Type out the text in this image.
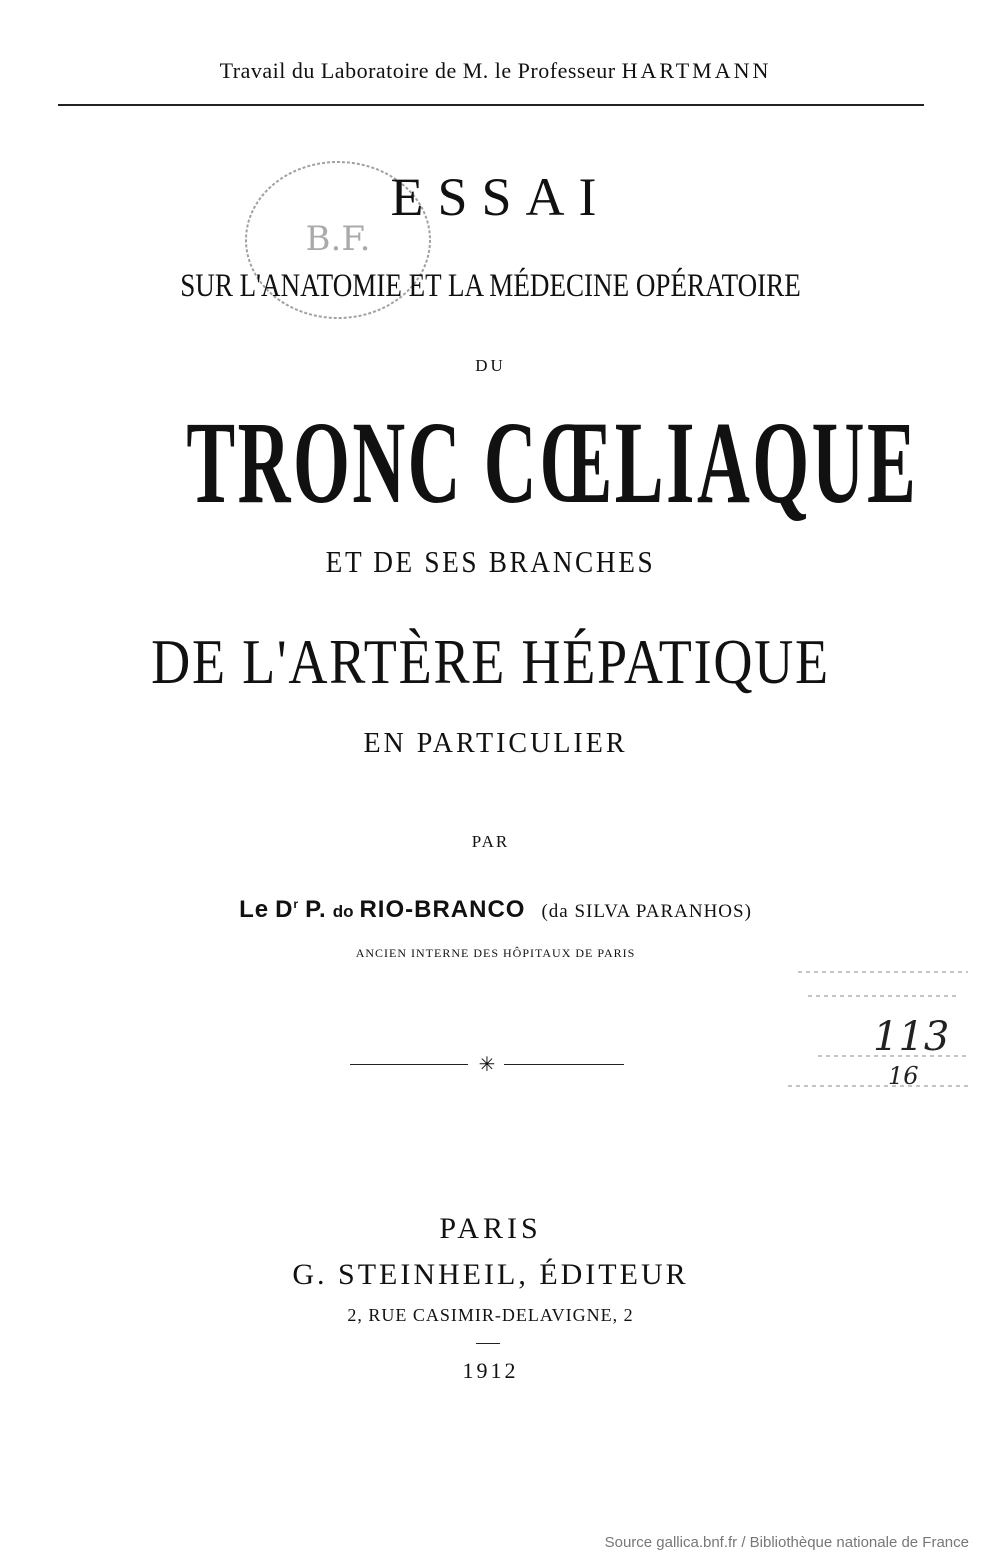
Travail du Laboratoire de M. le Professeur HARTMANN
B.F.
ESSAI
SUR L'ANATOMIE ET LA MÉDECINE OPÉRATOIRE
DU
TRONC CŒLIAQUE
ET DE SES BRANCHES
DE L'ARTÈRE HÉPATIQUE
EN PARTICULIER
PAR
Le $D^r$ P. do RIO-BRANCO (da SILVA PARANHOS)
ANCIEN INTERNE DES HÔPITAUX DE PARIS
113
16
✳
PARIS
G. STEINHEIL, ÉDITEUR
2, RUE CASIMIR-DELAVIGNE, 2
1912
Source gallica.bnf.fr / Bibliothèque nationale de France
